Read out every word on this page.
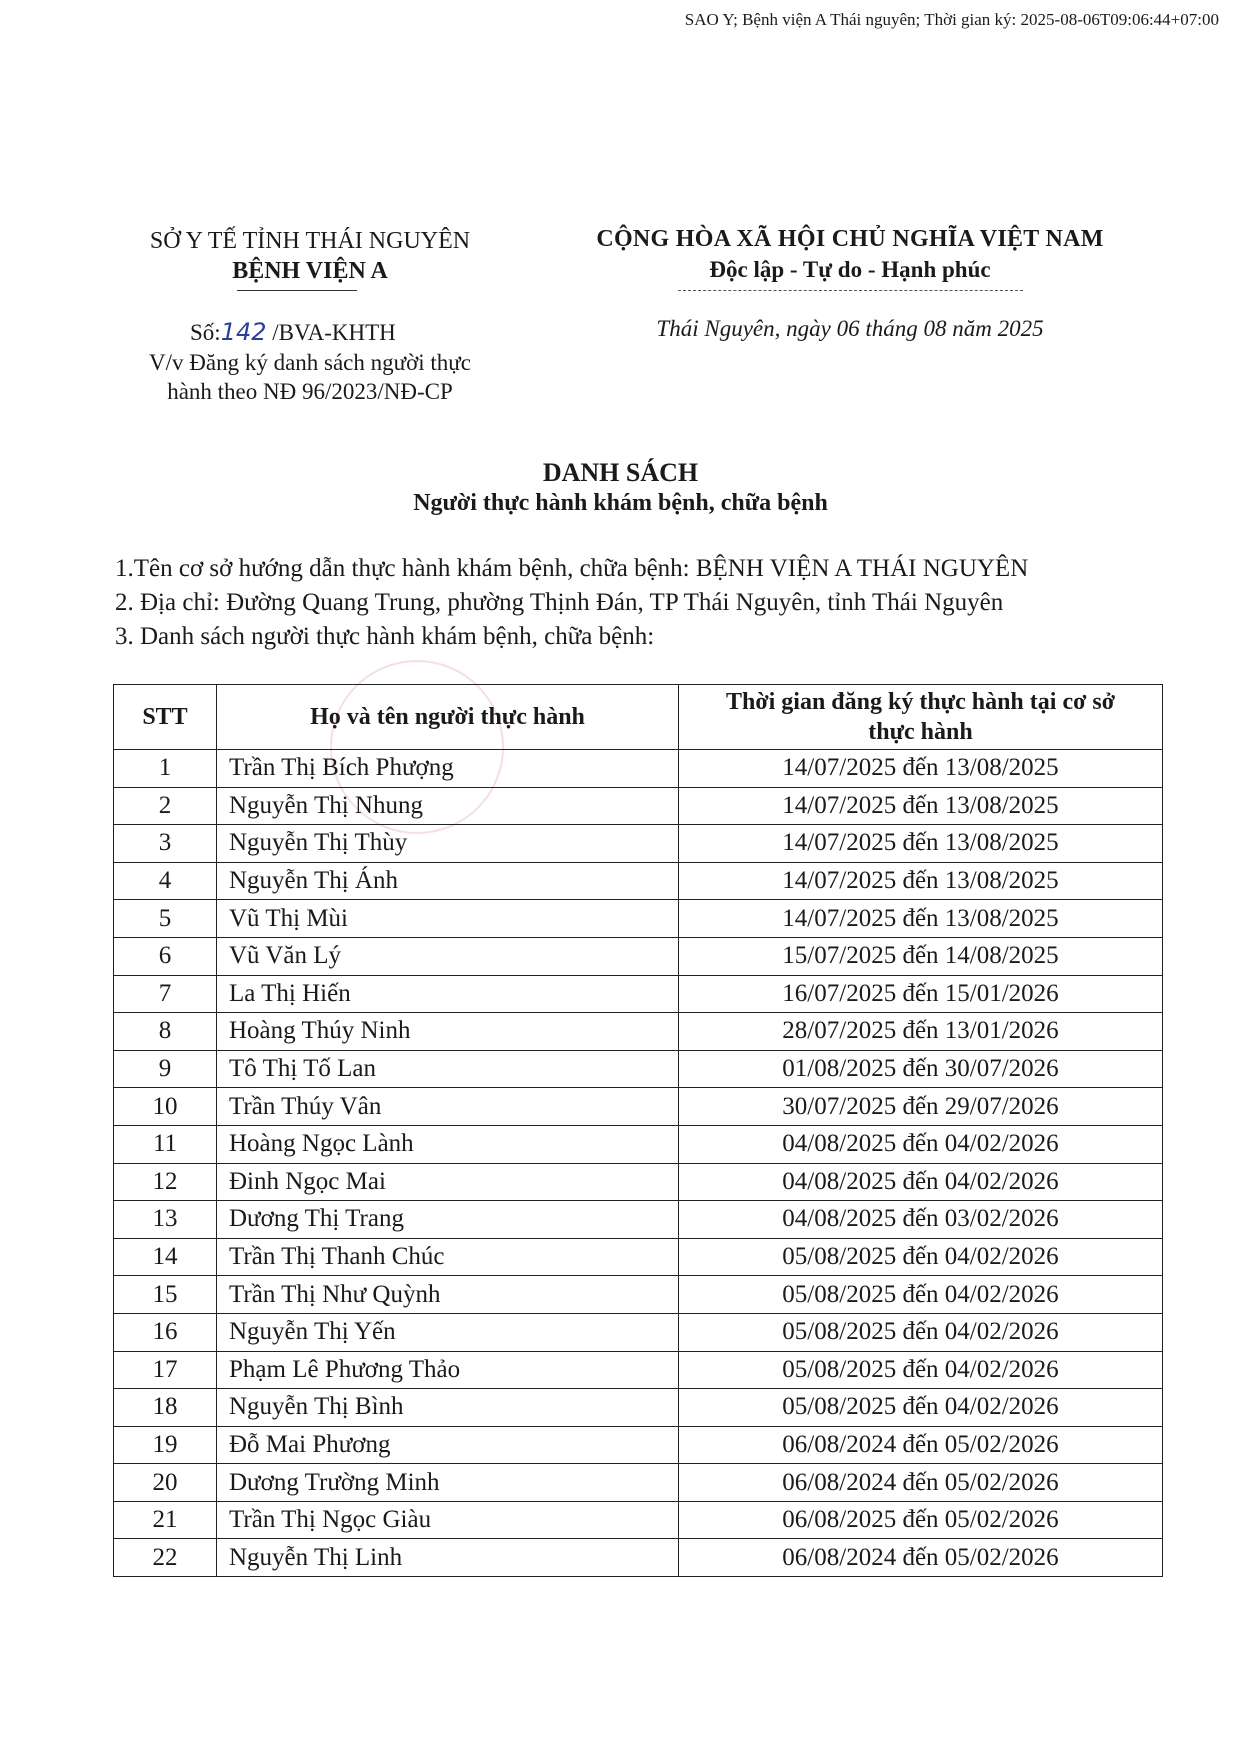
SAO Y; Bệnh viện A Thái nguyên; Thời gian ký: 2025-08-06T09:06:44+07:00
SỞ Y TẾ TỈNH THÁI NGUYÊN
BỆNH VIỆN A
CỘNG HÒA XÃ HỘI CHỦ NGHĨA VIỆT NAM
Độc lập - Tự do - Hạnh phúc
Số:142 /BVA-KHTH
V/v Đăng ký danh sách người thực
hành theo NĐ 96/2023/NĐ-CP
Thái Nguyên, ngày 06 tháng 08 năm 2025
DANH SÁCH
Người thực hành khám bệnh, chữa bệnh
1.Tên cơ sở hướng dẫn thực hành khám bệnh, chữa bệnh: BỆNH VIỆN A THÁI NGUYÊN
2. Địa chỉ: Đường Quang Trung, phường Thịnh Đán, TP Thái Nguyên, tỉnh Thái Nguyên
3. Danh sách người thực hành khám bệnh, chữa bệnh:
STT	Họ và tên người thực hành	Thời gian đăng ký thực hành tại cơ sở
thực hành

1	Trần Thị Bích Phượng	14/07/2025 đến 13/08/2025
2	Nguyễn Thị Nhung	14/07/2025 đến 13/08/2025
3	Nguyễn Thị Thùy	14/07/2025 đến 13/08/2025
4	Nguyễn Thị Ánh	14/07/2025 đến 13/08/2025
5	Vũ Thị Mùi	14/07/2025 đến 13/08/2025
6	Vũ Văn Lý	15/07/2025 đến 14/08/2025
7	La Thị Hiến	16/07/2025 đến 15/01/2026
8	Hoàng Thúy Ninh	28/07/2025 đến 13/01/2026
9	Tô Thị Tố Lan	01/08/2025 đến 30/07/2026
10	Trần Thúy Vân	30/07/2025 đến 29/07/2026
11	Hoàng Ngọc Lành	04/08/2025 đến 04/02/2026
12	Đinh Ngọc Mai	04/08/2025 đến 04/02/2026
13	Dương Thị Trang	04/08/2025 đến 03/02/2026
14	Trần Thị Thanh Chúc	05/08/2025 đến 04/02/2026
15	Trần Thị Như Quỳnh	05/08/2025 đến 04/02/2026
16	Nguyễn Thị Yến	05/08/2025 đến 04/02/2026
17	Phạm Lê Phương Thảo	05/08/2025 đến 04/02/2026
18	Nguyễn Thị Bình	05/08/2025 đến 04/02/2026
19	Đỗ Mai Phương	06/08/2024 đến 05/02/2026
20	Dương Trường Minh	06/08/2024 đến 05/02/2026
21	Trần Thị Ngọc Giàu	06/08/2025 đến 05/02/2026
22	Nguyễn Thị Linh	06/08/2024 đến 05/02/2026
